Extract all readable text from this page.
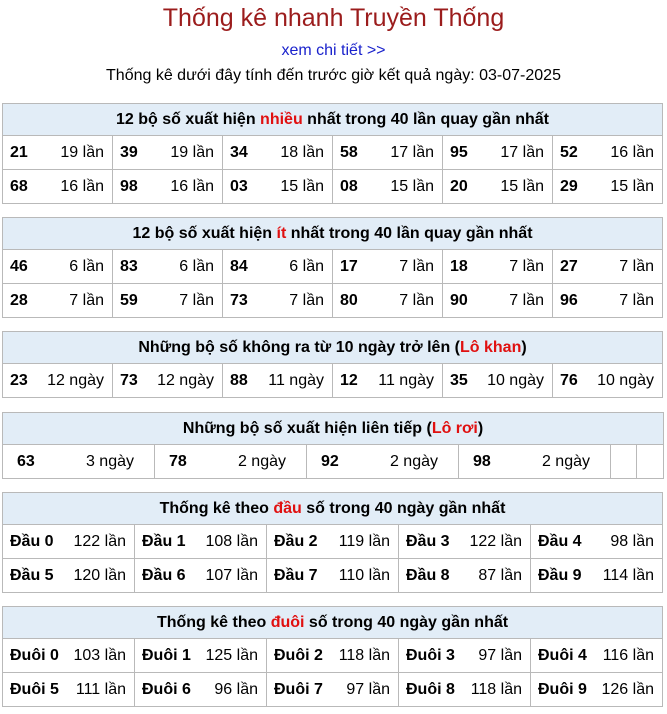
Thống kê nhanh Truyền Thống
xem chi tiết >>
Thống kê dưới đây tính đến trước giờ kết quả ngày: 03-07-2025
12 bộ số xuất hiện nhiều nhất trong 40 lần quay gần nhất					
21 19 lần	39 19 lần	34 18 lần	58 17 lần	95 17 lần	52 16 lần

68 16 lần	98 16 lần	03 15 lần	08 15 lần	20 15 lần	29 15 lần
12 bộ số xuất hiện ít nhất trong 40 lần quay gần nhất					
46 6 lần	83 6 lần	84 6 lần	17 7 lần	18 7 lần	27 7 lần

28 7 lần	59 7 lần	73 7 lần	80 7 lần	90 7 lần	96 7 lần
Những bộ số không ra từ 10 ngày trở lên (Lô khan)
23 12 ngày	73 12 ngày	88 11 ngày	12 11 ngày	35 10 ngày	76 10 ngày
Những bộ số xuất hiện liên tiếp (Lô rơi)
63	3 ngày	78	2 ngày	92	2 ngày	98	2 ngày

Thống kê theo đầu số trong 40 ngày gần nhất				
Đầu 0 122 lần	Đầu 1 108 lần	Đầu 2 119 lần	Đầu 3 122 lần	Đầu 4 98 lần

Đầu 5 120 lần	Đầu 6 107 lần	Đầu 7 110 lần	Đầu 8 87 lần	Đầu 9 114 lần
Thống kê theo đuôi số trong 40 ngày gần nhất				
Đuôi 0 103 lần	Đuôi 1 125 lần	Đuôi 2 118 lần	Đuôi 3 97 lần	Đuôi 4 116 lần

Đuôi 5 111 lần	Đuôi 6 96 lần	Đuôi 7 97 lần	Đuôi 8 118 lần	Đuôi 9 126 lần
